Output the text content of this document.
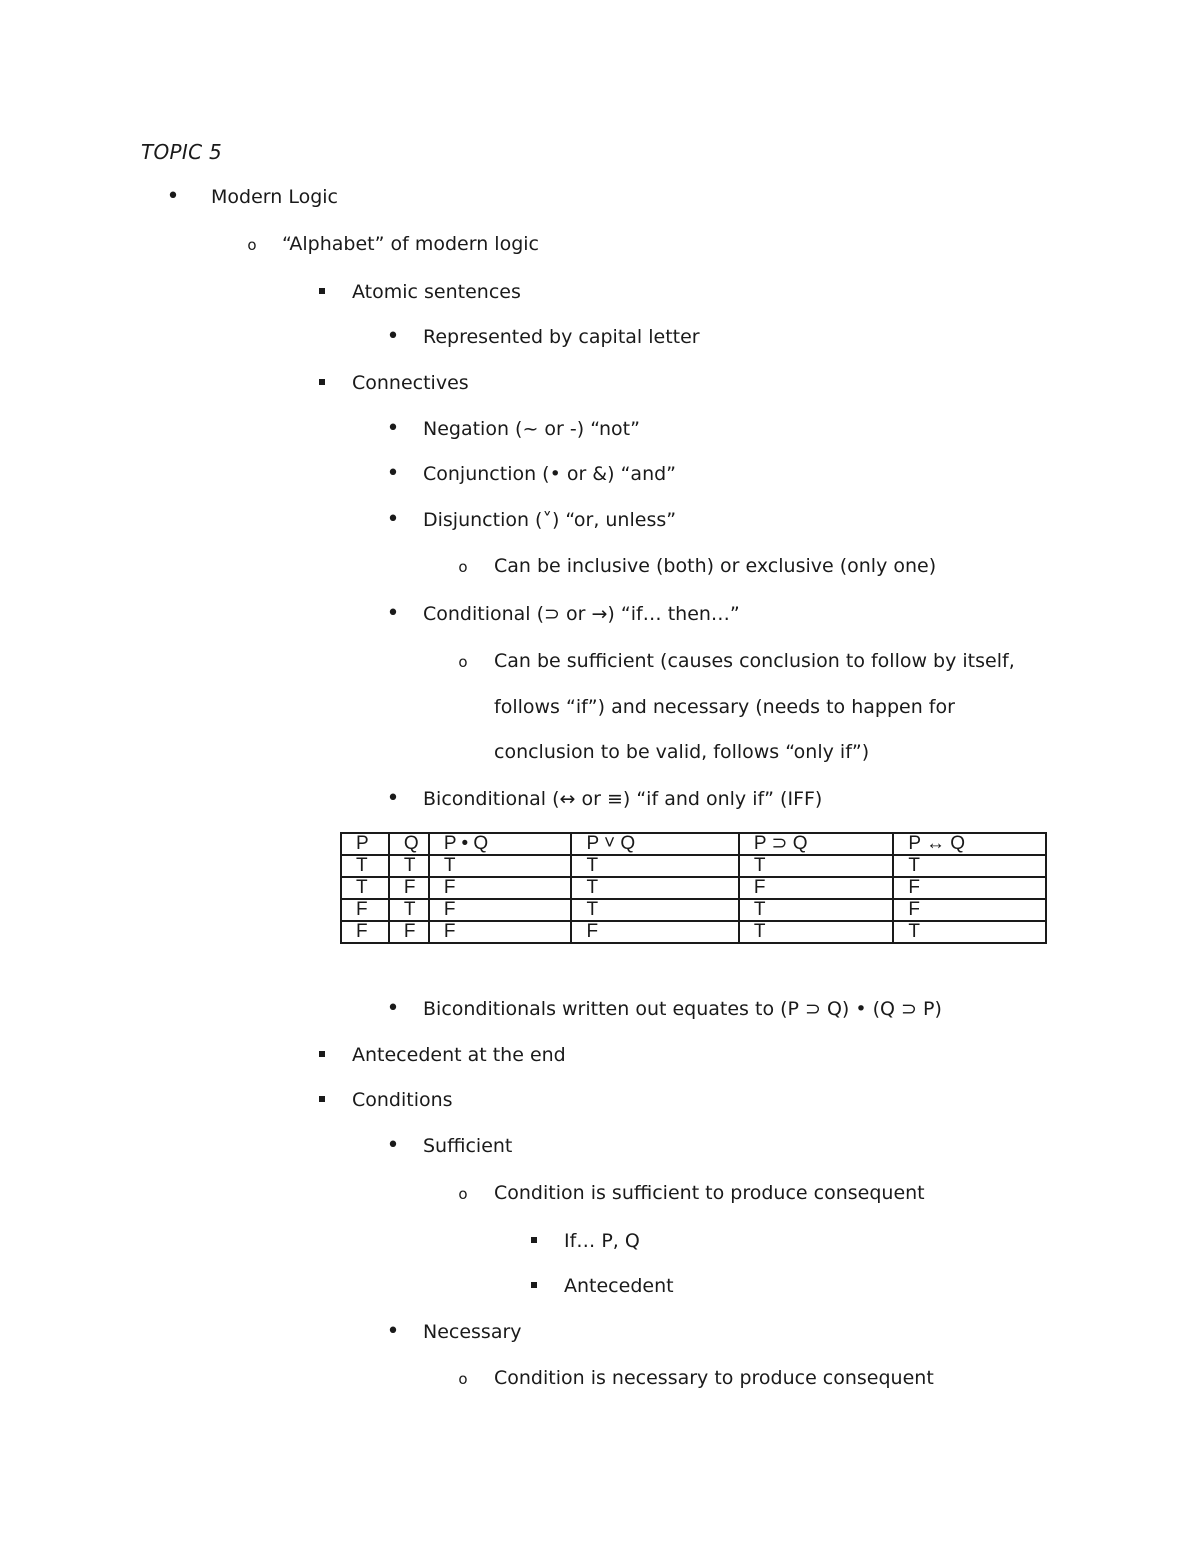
TOPIC 5
•
Modern Logic
o
“Alphabet” of modern logic
Atomic sentences
•
Represented by capital letter
Connectives
•
Negation (~ or -) “not”
•
Conjunction (• or &) “and”
•
Disjunction (˅) “or, unless”
o
Can be inclusive (both) or exclusive (only one)
•
Conditional (⊃ or →) “if… then…”
o
Can be sufficient (causes conclusion to follow by itself,
follows “if”) and necessary (needs to happen for
conclusion to be valid, follows “only if”)
•
Biconditional (↔ or ≡) “if and only if” (IFF)
P	Q	P • Q	P ˅ Q	P ⊃ Q	P ↔ Q
T	T	T	T	T	T
T	F	F	T	F	F
F	T	F	T	T	F
F	F	F	F	T	T
•
Biconditionals written out equates to (P ⊃ Q) • (Q ⊃ P)
Antecedent at the end
Conditions
•
Sufficient
o
Condition is sufficient to produce consequent
If… P, Q
Antecedent
•
Necessary
o
Condition is necessary to produce consequent
